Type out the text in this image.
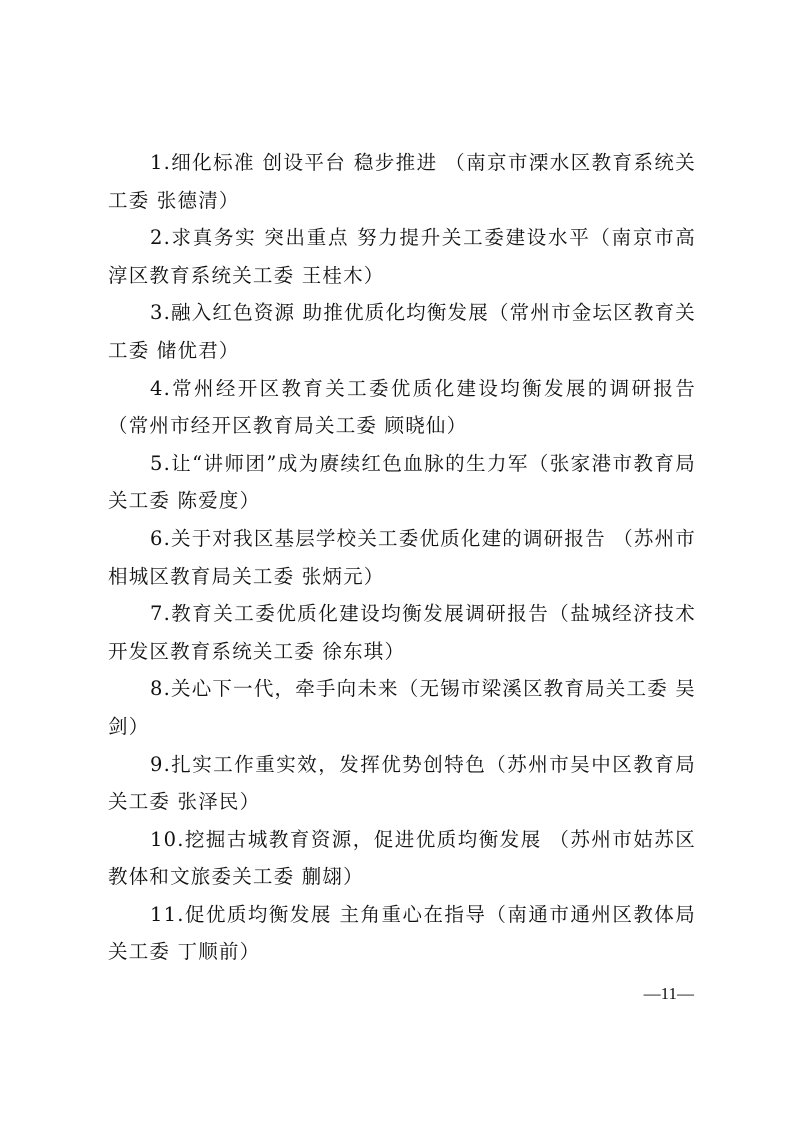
1.细化标准 创设平台 稳步推进 （南京市溧水区教育系统关工委 张德清）

2.求真务实 突出重点 努力提升关工委建设水平（南京市高淳区教育系统关工委 王桂木）

3.融入红色资源 助推优质化均衡发展（常州市金坛区教育关工委 储优君）

4.常州经开区教育关工委优质化建设均衡发展的调研报告（常州市经开区教育局关工委 顾晓仙）

5.让“讲师团”成为赓续红色血脉的生力军（张家港市教育局关工委 陈爱度）

6.关于对我区基层学校关工委优质化建的调研报告 （苏州市相城区教育局关工委 张炳元）

7.教育关工委优质化建设均衡发展调研报告（盐城经济技术开发区教育系统关工委 徐东琪）

8.关心下一代，牵手向未来（无锡市梁溪区教育局关工委 吴 剑）

9.扎实工作重实效，发挥优势创特色（苏州市吴中区教育局关工委 张泽民）

10.挖掘古城教育资源，促进优质均衡发展 （苏州市姑苏区教体和文旅委关工委 蒯翃）

11.促优质均衡发展 主角重心在指导（南通市通州区教体局关工委 丁顺前）

—11—
